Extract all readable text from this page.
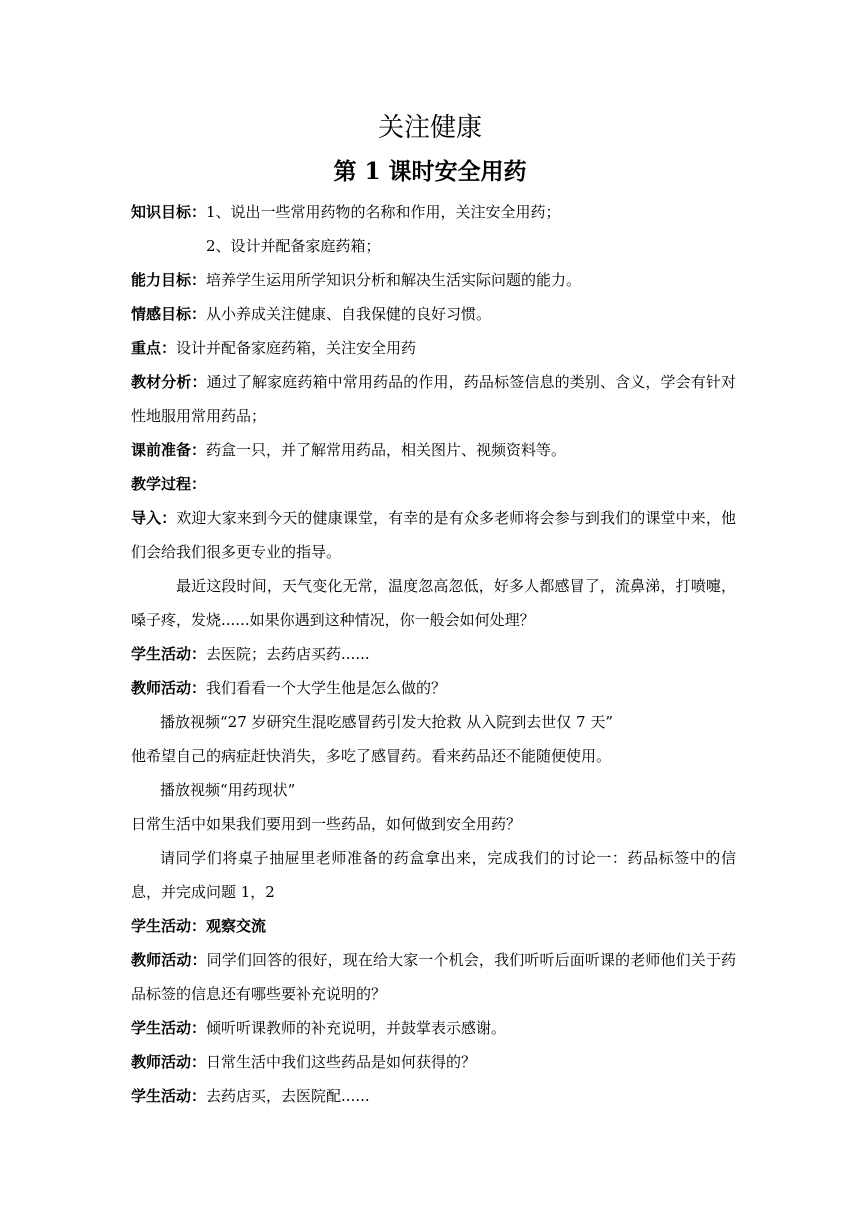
关注健康
第 1 课时安全用药
知识目标：1、说出一些常用药物的名称和作用，关注安全用药；
2、设计并配备家庭药箱；
能力目标：培养学生运用所学知识分析和解决生活实际问题的能力。
情感目标：从小养成关注健康、自我保健的良好习惯。
重点：设计并配备家庭药箱，关注安全用药
教材分析：通过了解家庭药箱中常用药品的作用，药品标签信息的类别、含义，学会有针对性地服用常用药品；
课前准备：药盒一只，并了解常用药品，相关图片、视频资料等。
教学过程：
导入：欢迎大家来到今天的健康课堂，有幸的是有众多老师将会参与到我们的课堂中来，他们会给我们很多更专业的指导。
最近这段时间，天气变化无常，温度忽高忽低，好多人都感冒了，流鼻涕，打喷嚏，嗓子疼，发烧......如果你遇到这种情况，你一般会如何处理？
学生活动：去医院；去药店买药......
教师活动：我们看看一个大学生他是怎么做的？
播放视频“27 岁研究生混吃感冒药引发大抢救 从入院到去世仅 7 天”
他希望自己的病症赶快消失，多吃了感冒药。看来药品还不能随便使用。
播放视频“用药现状”
日常生活中如果我们要用到一些药品，如何做到安全用药？
请同学们将桌子抽屉里老师准备的药盒拿出来，完成我们的讨论一：药品标签中的信息，并完成问题 1，2
学生活动：观察交流
教师活动：同学们回答的很好，现在给大家一个机会，我们听听后面听课的老师他们关于药品标签的信息还有哪些要补充说明的？
学生活动：倾听听课教师的补充说明，并鼓掌表示感谢。
教师活动：日常生活中我们这些药品是如何获得的？
学生活动：去药店买，去医院配......
